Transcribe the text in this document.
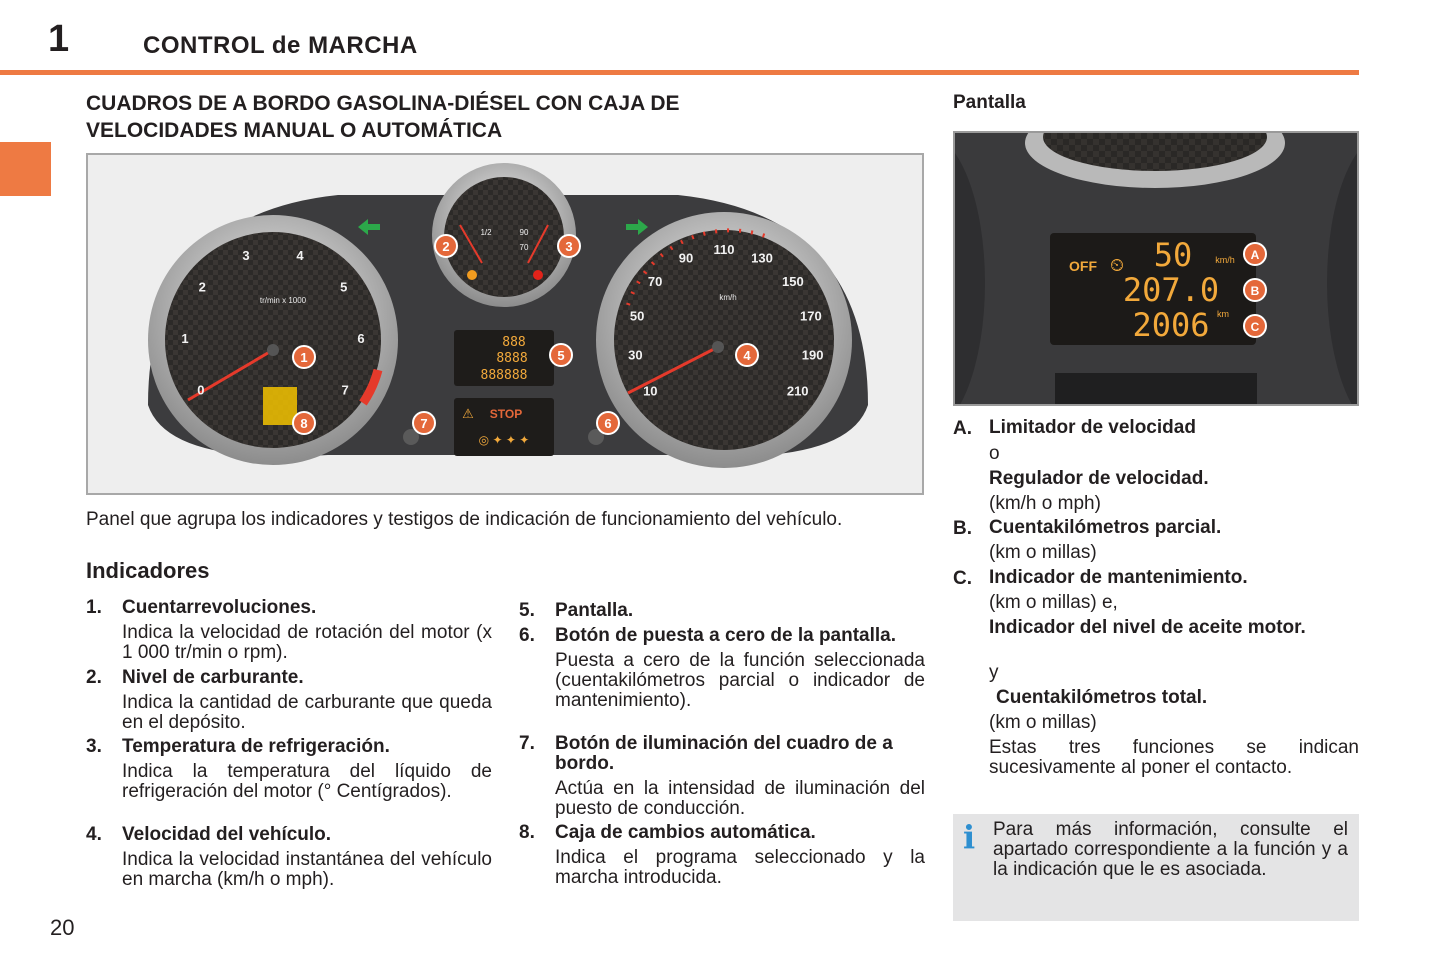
1	CONTROL de MARCHA
CUADROS DE A BORDO GASOLINA-DIÉSEL CON CAJA DE
VELOCIDADES MANUAL O AUTOMÁTICA
0
1
2
3	4
5
6
7
tr/min x 1000
10
30
50
70
90
110
130
150
170
190
210
km/h
1/2	90
70
888
8888
888888
⚠ STOP
◎ ✦ ✦ ✦
1
2	3
4
5
6
7
8
Panel que agrupa los indicadores y testigos de indicación de funcionamiento del vehículo.
Indicadores
1. Cuentarrevoluciones.
Indica la velocidad de rotación del motor (x 1 000 tr/min o rpm).
2. Nivel de carburante.
Indica la cantidad de carburante que queda en el depósito.
3. Temperatura de refrigeración.
Indica la temperatura del líquido de refrigeración del motor (° Centígrados).
4. Velocidad del vehículo.
Indica la velocidad instantánea del vehículo en marcha (km/h o mph).
5. Pantalla.
6. Botón de puesta a cero de la pantalla.
Puesta a cero de la función seleccionada (cuentakilómetros parcial o indicador de mantenimiento).
7. Botón de iluminación del cuadro de a bordo.
Actúa en la intensidad de iluminación del puesto de conducción.
8. Caja de cambios automática.
Indica el programa seleccionado y la marcha introducida.
Pantalla
OFF ⏲ 50	km/h
207.0
2006 km
A
B
C
A. Limitador de velocidad
o
Regulador de velocidad.
(km/h o mph)
B. Cuentakilómetros parcial.
(km o millas)
C. Indicador de mantenimiento.
(km o millas) e,
Indicador del nivel de aceite motor.
y
Cuentakilómetros total.
(km o millas)
Estas tres funciones se indican sucesivamente al poner el contacto.
i Para más información, consulte el apartado correspondiente a la función y a la indicación que le es asociada.
20
